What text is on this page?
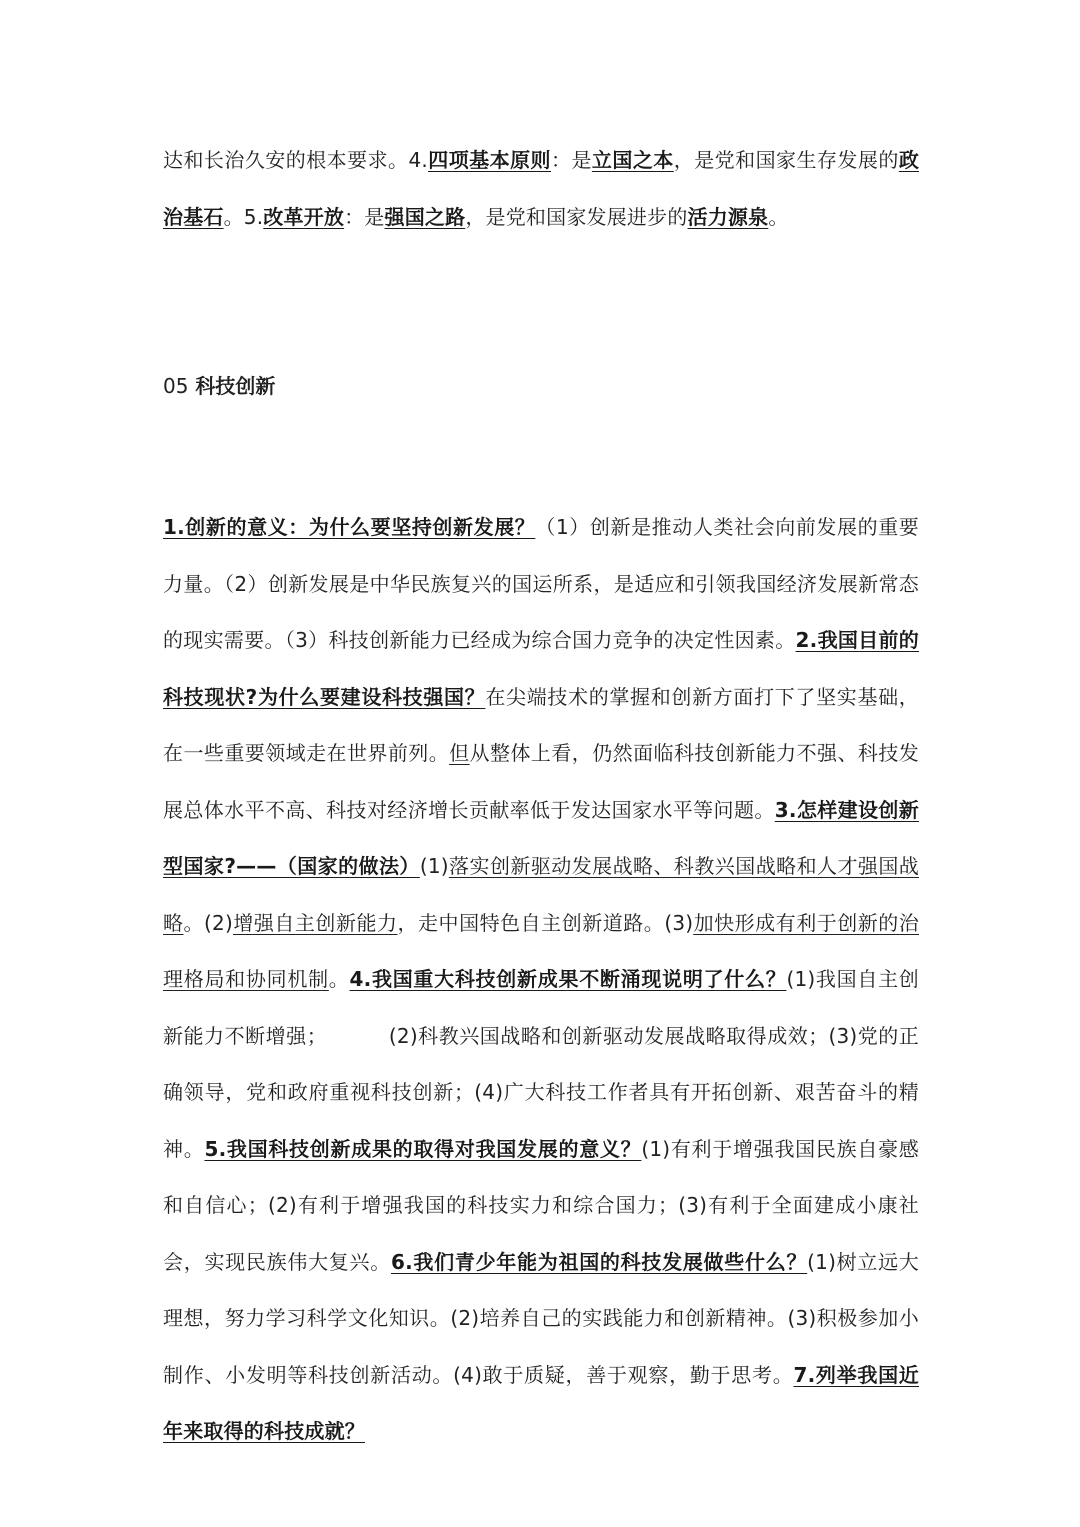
达和长治久安的根本要求。4.四项基本原则：是立国之本，是党和国家生存发展的政治基石。5.改革开放：是强国之路，是党和国家发展进步的活力源泉。

05 科技创新

1.创新的意义：为什么要坚持创新发展？（1）创新是推动人类社会向前发展的重要力量。（2）创新发展是中华民族复兴的国运所系，是适应和引领我国经济发展新常态的现实需要。（3）科技创新能力已经成为综合国力竞争的决定性因素。2.我国目前的科技现状?为什么要建设科技强国？在尖端技术的掌握和创新方面打下了坚实基础，在一些重要领域走在世界前列。但从整体上看，仍然面临科技创新能力不强、科技发展总体水平不高、科技对经济增长贡献率低于发达国家水平等问题。3.怎样建设创新型国家?——（国家的做法）(1)落实创新驱动发展战略、科教兴国战略和人才强国战略。(2)增强自主创新能力，走中国特色自主创新道路。(3)加快形成有利于创新的治理格局和协同机制。4.我国重大科技创新成果不断涌现说明了什么？(1)我国自主创新能力不断增强；	(2)科教兴国战略和创新驱动发展战略取得成效；(3)党的正确领导，党和政府重视科技创新；(4)广大科技工作者具有开拓创新、艰苦奋斗的精神。5.我国科技创新成果的取得对我国发展的意义？(1)有利于增强我国民族自豪感和自信心；(2)有利于增强我国的科技实力和综合国力；(3)有利于全面建成小康社会，实现民族伟大复兴。6.我们青少年能为祖国的科技发展做些什么？(1)树立远大理想，努力学习科学文化知识。(2)培养自己的实践能力和创新精神。(3)积极参加小制作、小发明等科技创新活动。(4)敢于质疑，善于观察，勤于思考。7.列举我国近年来取得的科技成就？
